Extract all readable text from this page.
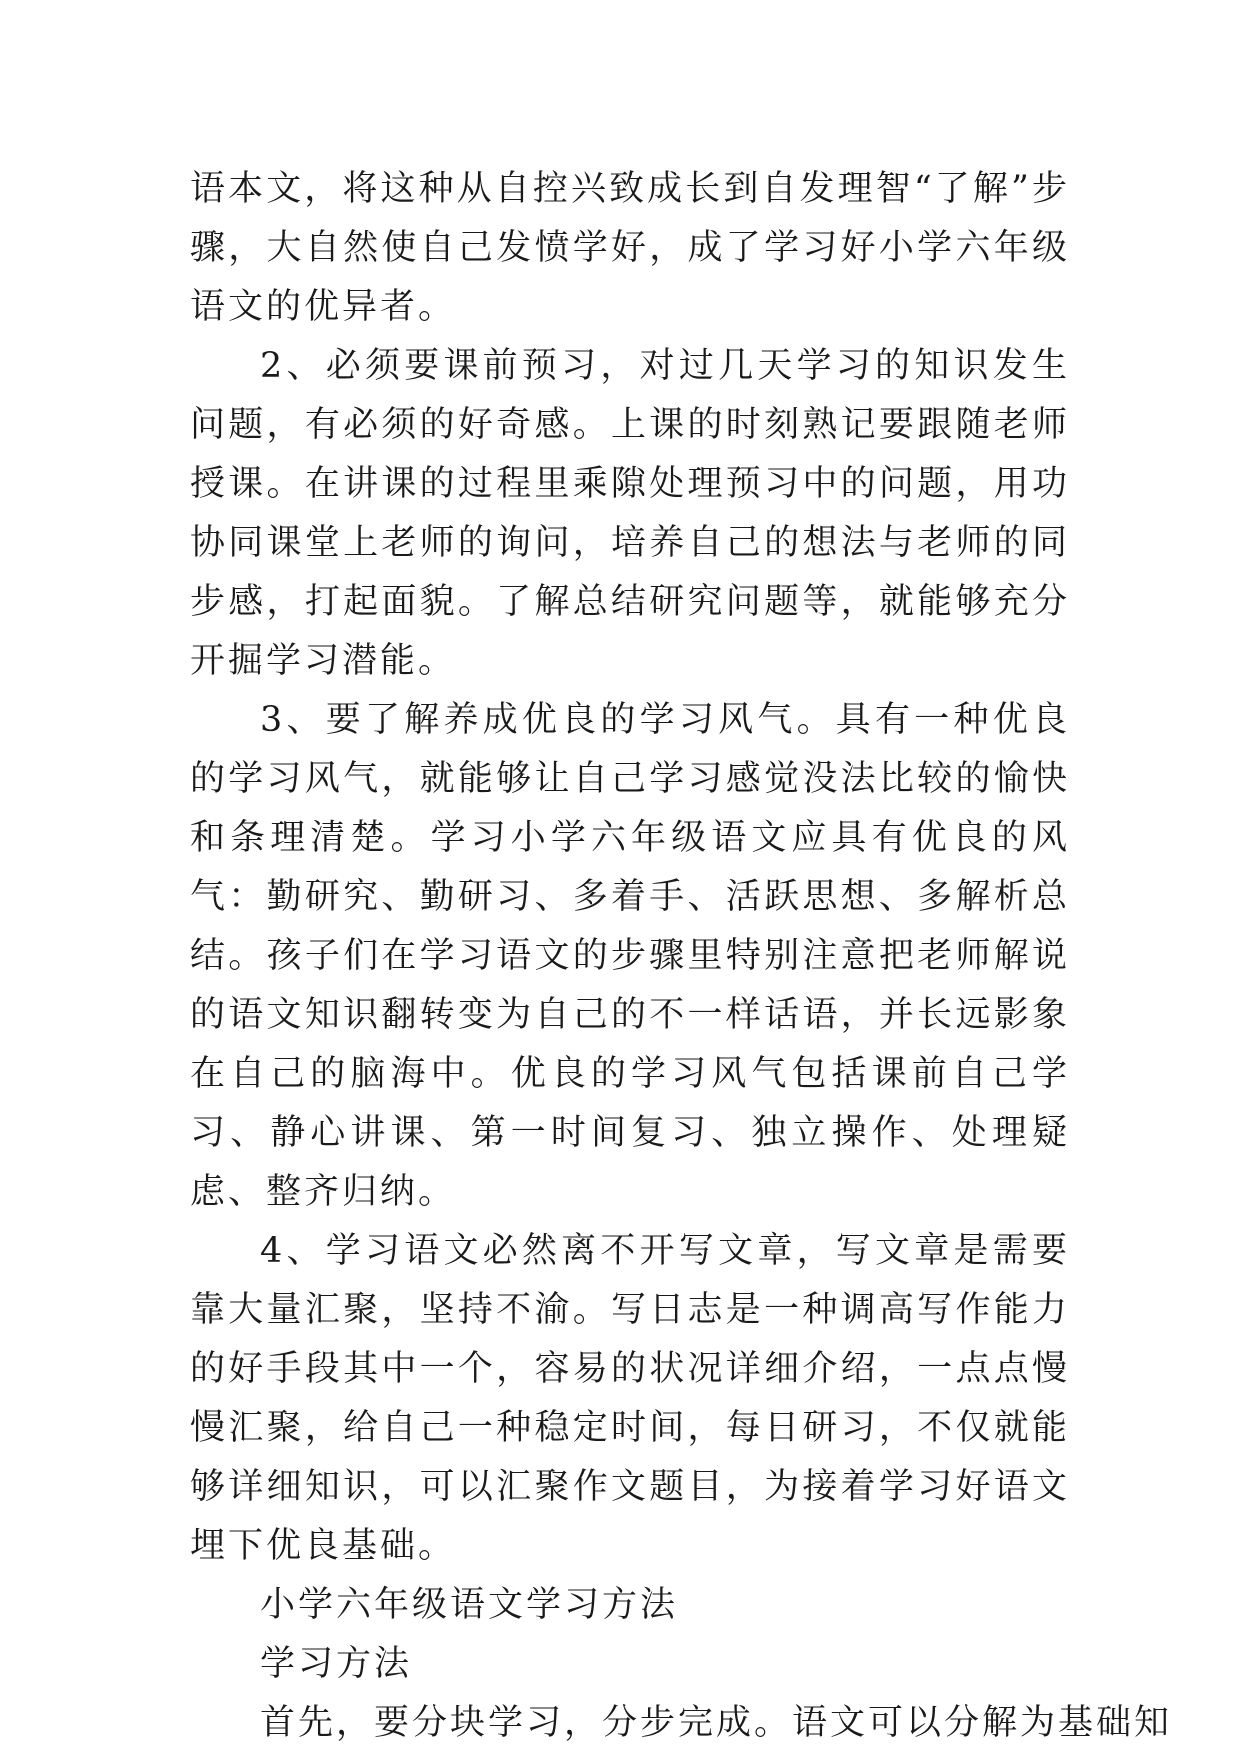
语本文，将这种从自控兴致成长到自发理智“了解”步骤，大自然使自己发愤学好，成了学习好小学六年级语文的优异者。

2、必须要课前预习，对过几天学习的知识发生问题，有必须的好奇感。上课的时刻熟记要跟随老师授课。在讲课的过程里乘隙处理预习中的问题，用功协同课堂上老师的询问，培养自己的想法与老师的同步感，打起面貌。了解总结研究问题等，就能够充分开掘学习潜能。

3、要了解养成优良的学习风气。具有一种优良的学习风气，就能够让自己学习感觉没法比较的愉快和条理清楚。学习小学六年级语文应具有优良的风气：勤研究、勤研习、多着手、活跃思想、多解析总结。孩子们在学习语文的步骤里特别注意把老师解说的语文知识翻转变为自己的不一样话语，并长远影象在自己的脑海中。优良的学习风气包括课前自己学习、静心讲课、第一时间复习、独立操作、处理疑虑、整齐归纳。

4、学习语文必然离不开写文章，写文章是需要靠大量汇聚，坚持不渝。写日志是一种调高写作能力的好手段其中一个，容易的状况详细介绍，一点点慢慢汇聚，给自己一种稳定时间，每日研习，不仅就能够详细知识，可以汇聚作文题目，为接着学习好语文埋下优良基础。

小学六年级语文学习方法

学习方法

首先，要分块学习，分步完成。语文可以分解为基础知
